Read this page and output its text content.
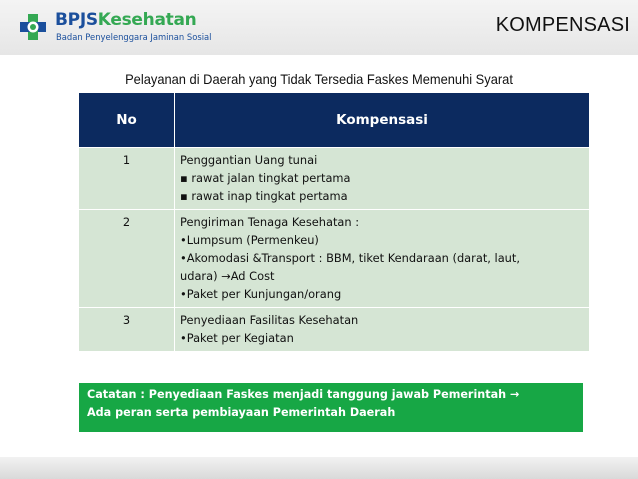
BPJSKesehatan
Badan Penyelenggara Jaminan Sosial
KOMPENSASI
Pelayanan di Daerah yang Tidak Tersedia Faskes Memenuhi Syarat
No	Kompensasi
1	Penggantian Uang tunai
▪ rawat jalan tingkat pertama
▪ rawat inap tingkat pertama

2	Pengiriman Tenaga Kesehatan :
•Lumpsum (Permenkeu)
•Akomodasi &Transport : BBM, tiket Kendaraan (darat, laut,
udara) →Ad Cost
•Paket per Kunjungan/orang

3	Penyediaan Fasilitas Kesehatan
•Paket per Kegiatan
Catatan : Penyediaan Faskes menjadi tanggung jawab Pemerintah →
Ada peran serta pembiayaan Pemerintah Daerah
